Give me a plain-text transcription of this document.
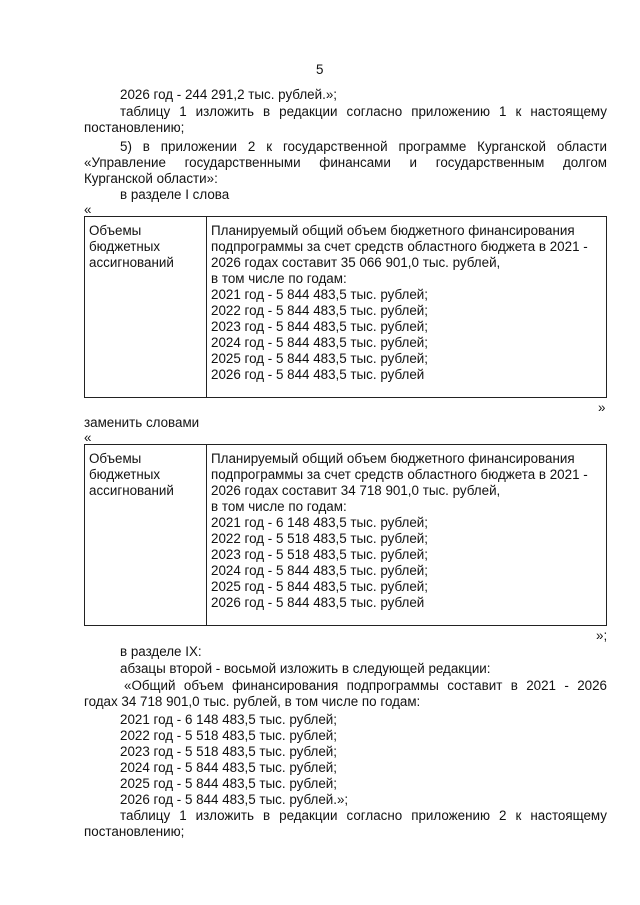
5
2026 год - 244 291,2 тыс. рублей.»;
таблицу 1 изложить в редакции согласно приложению 1 к настоящему
постановлению;
5) в приложении 2 к государственной программе Курганской области
«Управление государственными финансами и государственным долгом
Курганской области»:
в разделе I слова
«
Объемы
бюджетных
ассигнований
Планируемый общий объем бюджетного финансирования
подпрограммы за счет средств областного бюджета в 2021 -
2026 годах составит 35 066 901,0 тыс. рублей,
в том числе по годам:
2021 год - 5 844 483,5 тыс. рублей;
2022 год - 5 844 483,5 тыс. рублей;
2023 год - 5 844 483,5 тыс. рублей;
2024 год - 5 844 483,5 тыс. рублей;
2025 год - 5 844 483,5 тыс. рублей;
2026 год - 5 844 483,5 тыс. рублей
»
заменить словами
«
Объемы
бюджетных
ассигнований
Планируемый общий объем бюджетного финансирования
подпрограммы за счет средств областного бюджета в 2021 -
2026 годах составит 34 718 901,0 тыс. рублей,
в том числе по годам:
2021 год - 6 148 483,5 тыс. рублей;
2022 год - 5 518 483,5 тыс. рублей;
2023 год - 5 518 483,5 тыс. рублей;
2024 год - 5 844 483,5 тыс. рублей;
2025 год - 5 844 483,5 тыс. рублей;
2026 год - 5 844 483,5 тыс. рублей
»;
в разделе IX:
абзацы второй - восьмой изложить в следующей редакции:
«Общий объем финансирования подпрограммы составит в 2021 - 2026
годах 34 718 901,0 тыс. рублей, в том числе по годам:
2021 год - 6 148 483,5 тыс. рублей;
2022 год - 5 518 483,5 тыс. рублей;
2023 год - 5 518 483,5 тыс. рублей;
2024 год - 5 844 483,5 тыс. рублей;
2025 год - 5 844 483,5 тыс. рублей;
2026 год - 5 844 483,5 тыс. рублей.»;
таблицу 1 изложить в редакции согласно приложению 2 к настоящему
постановлению;
